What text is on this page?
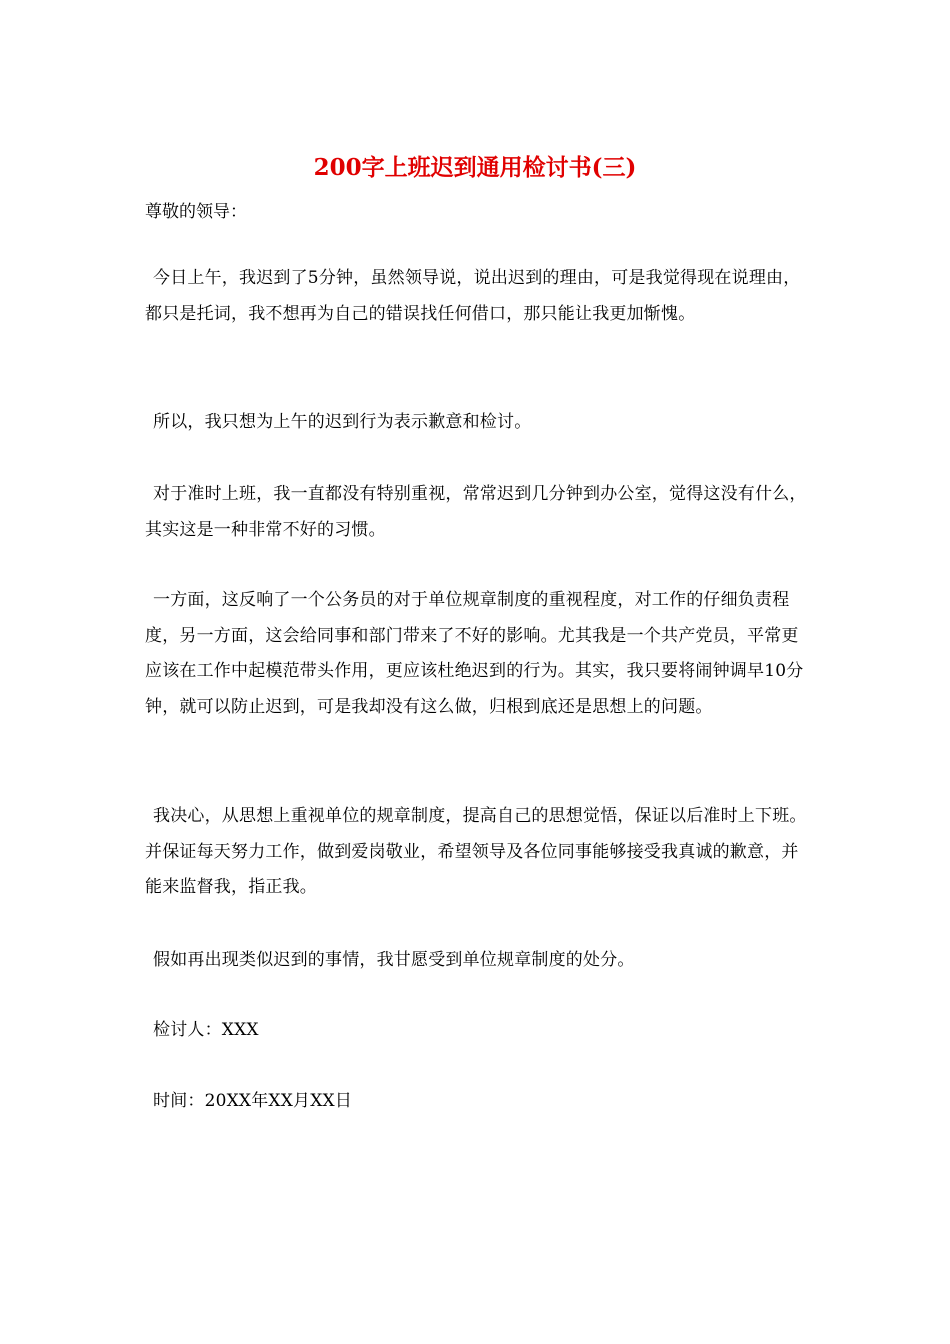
200字上班迟到通用检讨书(三)

尊敬的领导：

今日上午，我迟到了5分钟，虽然领导说，说出迟到的理由，可是我觉得现在说理由，都只是托词，我不想再为自己的错误找任何借口，那只能让我更加惭愧。

所以，我只想为上午的迟到行为表示歉意和检讨。

对于准时上班，我一直都没有特别重视，常常迟到几分钟到办公室，觉得这没有什么，其实这是一种非常不好的习惯。

一方面，这反响了一个公务员的对于单位规章制度的重视程度，对工作的仔细负责程度，另一方面，这会给同事和部门带来了不好的影响。尤其我是一个共产党员，平常更应该在工作中起模范带头作用，更应该杜绝迟到的行为。其实，我只要将闹钟调早10分钟，就可以防止迟到，可是我却没有这么做，归根到底还是思想上的问题。

我决心，从思想上重视单位的规章制度，提高自己的思想觉悟，保证以后准时上下班。并保证每天努力工作，做到爱岗敬业，希望领导及各位同事能够接受我真诚的歉意，并能来监督我，指正我。

假如再出现类似迟到的事情，我甘愿受到单位规章制度的处分。

检讨人：XXX

时间：20XX年XX月XX日
